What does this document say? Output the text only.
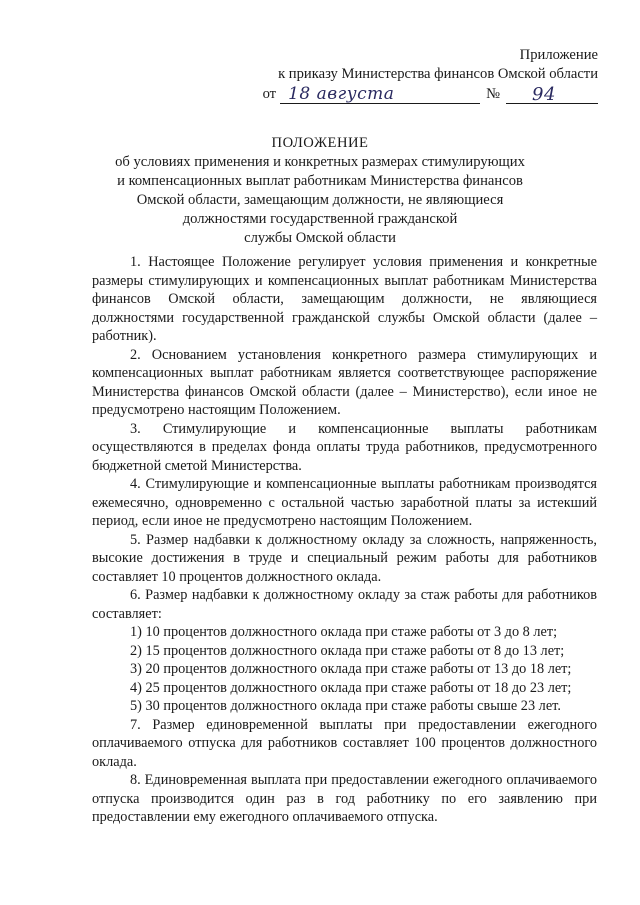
Приложение
к приказу Министерства финансов Омской области
от 18 августа	№ 94
ПОЛОЖЕНИЕ
об условиях применения и конкретных размерах стимулирующих
и компенсационных выплат работникам Министерства финансов
Омской области, замещающим должности, не являющиеся
должностями государственной гражданской
службы Омской области

1. Настоящее Положение регулирует условия применения и конкретные размеры стимулирующих и компенсационных выплат работникам Министерства финансов Омской области, замещающим должности, не являющиеся должностями государственной гражданской службы Омской области (далее – работник).

2. Основанием установления конкретного размера стимулирующих и компенсационных выплат работникам является соответствующее распоряжение Министерства финансов Омской области (далее – Министерство), если иное не предусмотрено настоящим Положением.

3. Стимулирующие и компенсационные выплаты работникам осуществляются в пределах фонда оплаты труда работников, предусмотренного бюджетной сметой Министерства.

4. Стимулирующие и компенсационные выплаты работникам производятся ежемесячно, одновременно с остальной частью заработной платы за истекший период, если иное не предусмотрено настоящим Положением.

5. Размер надбавки к должностному окладу за сложность, напряженность, высокие достижения в труде и специальный режим работы для работников составляет 10 процентов должностного оклада.

6. Размер надбавки к должностному окладу за стаж работы для работников составляет:

1) 10 процентов должностного оклада при стаже работы от 3 до 8 лет;

2) 15 процентов должностного оклада при стаже работы от 8 до 13 лет;

3) 20 процентов должностного оклада при стаже работы от 13 до 18 лет;

4) 25 процентов должностного оклада при стаже работы от 18 до 23 лет;

5) 30 процентов должностного оклада при стаже работы свыше 23 лет.

7. Размер единовременной выплаты при предоставлении ежегодного оплачиваемого отпуска для работников составляет 100 процентов должностного оклада.

8. Единовременная выплата при предоставлении ежегодного оплачиваемого отпуска производится один раз в год работнику по его заявлению при предоставлении ему ежегодного оплачиваемого отпуска.
